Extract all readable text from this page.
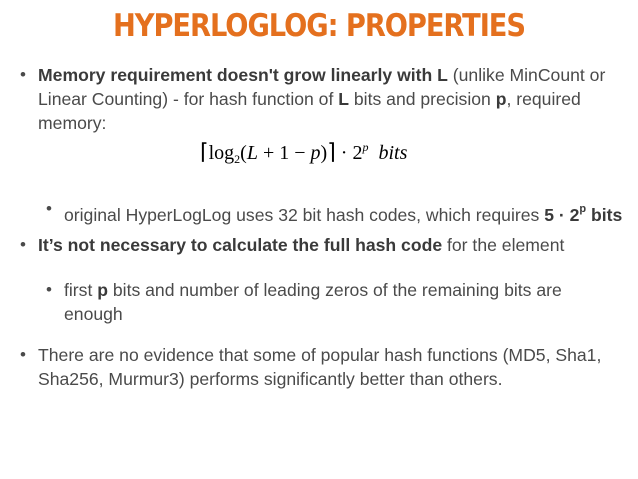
HYPERLOGLOG: PROPERTIES
• Memory requirement doesn't grow linearly with L (unlike MinCount or Linear Counting) - for hash function of L bits and precision p, required memory:
$⌈\log_2(L + 1$ − p)⌉ · $2^p$ bits
• original HyperLogLog uses 32 bit hash codes, which requires $5 \cdot 2^p$ bits
• It’s not necessary to calculate the full hash code for the element
• first p bits and number of leading zeros of the remaining bits are enough
• There are no evidence that some of popular hash functions (MD5, Sha1, Sha256, Murmur3) performs significantly better than others.
